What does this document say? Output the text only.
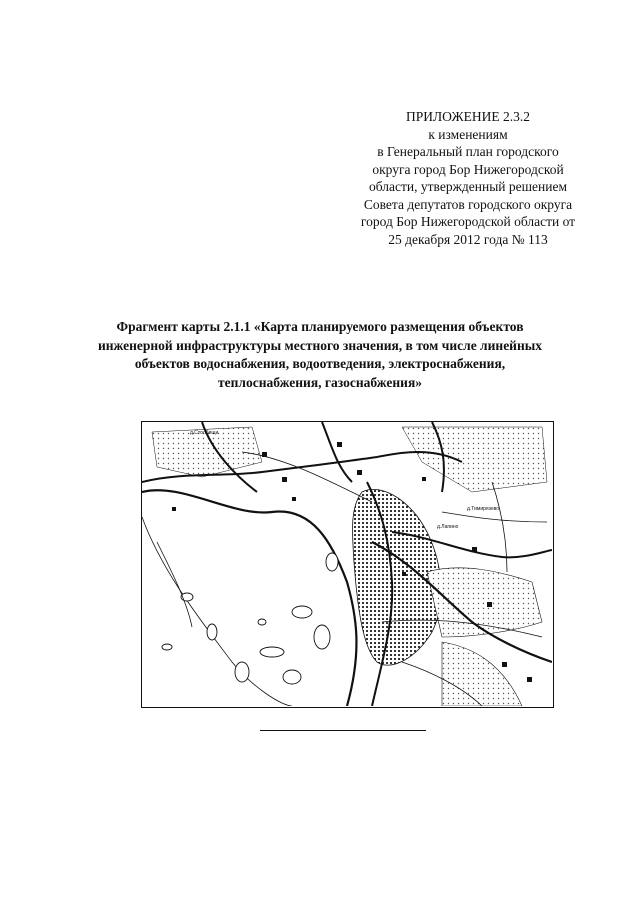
ПРИЛОЖЕНИЕ 2.3.2
к изменениям
в Генеральный план городского
округа город Бор Нижегородской
области, утвержденный решением
Совета депутатов городского округа
город Бор Нижегородской области от
25 декабря 2012 года № 113
Фрагмент карты 2.1.1 «Карта планируемого размещения объектов
инженерной инфраструктуры местного значения, в том числе линейных
объектов водоснабжения, водоотведения, электроснабжения,
теплоснабжения, газоснабжения»
д.Столбищи
д.Тимирязево
д.Лапино
